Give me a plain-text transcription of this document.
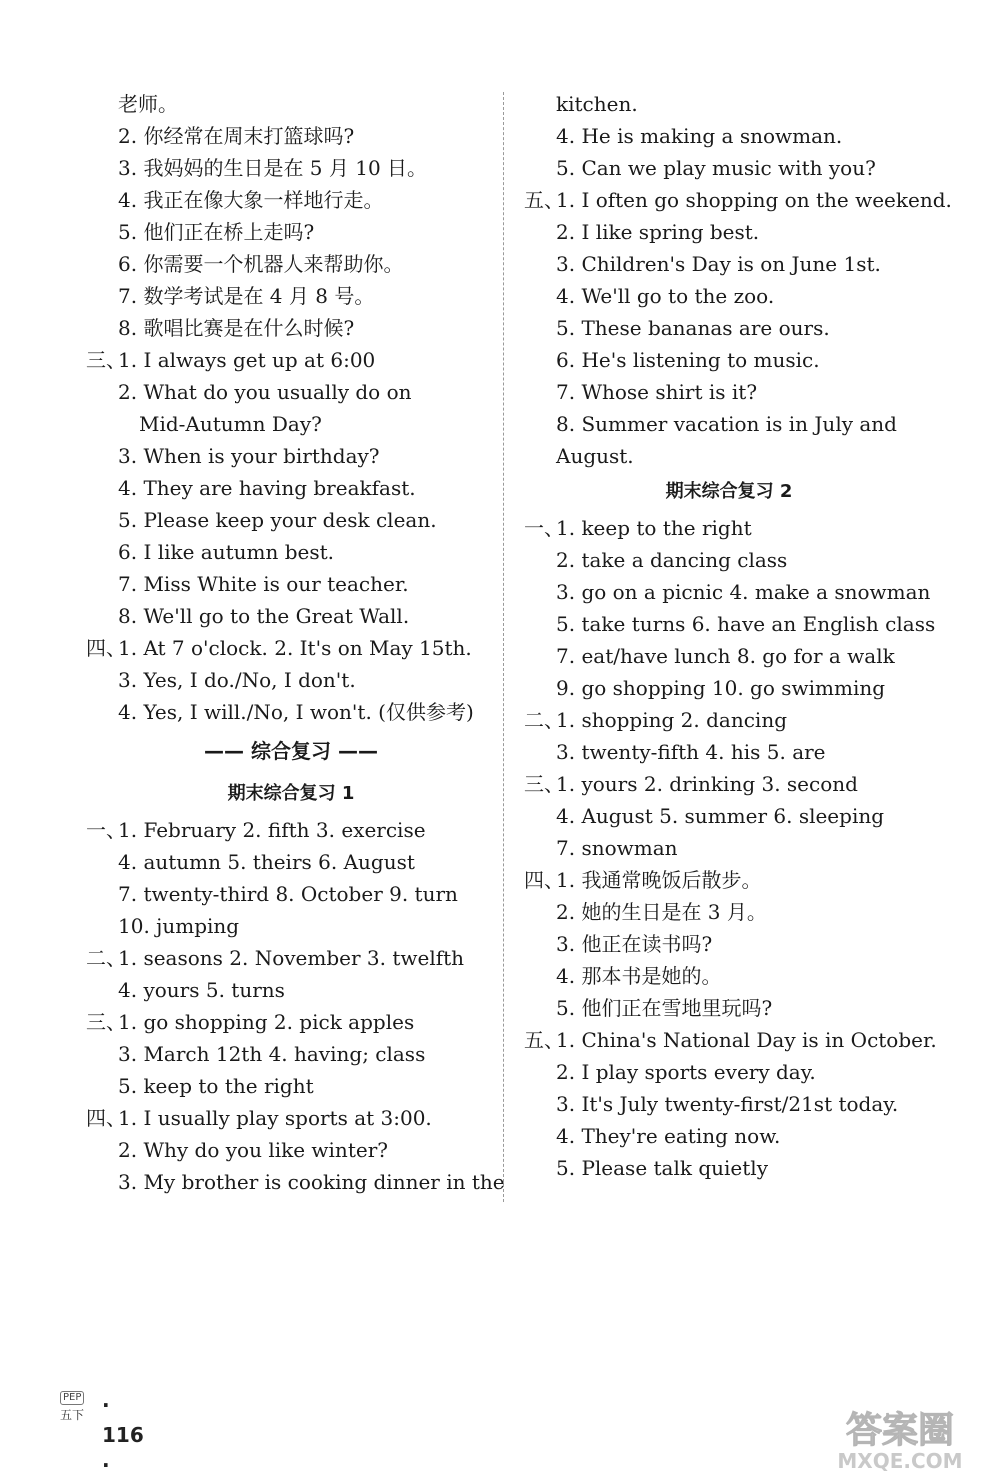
老师。
2. 你经常在周末打篮球吗?
3. 我妈妈的生日是在 5 月 10 日。
4. 我正在像大象一样地行走。
5. 他们正在桥上走吗?
6. 你需要一个机器人来帮助你。
7. 数学考试是在 4 月 8 号。
8. 歌唱比赛是在什么时候?
三、
1. I always get up at 6:00
2. What do you usually do on
Mid-Autumn Day?
3. When is your birthday?
4. They are having breakfast.
5. Please keep your desk clean.
6. I like autumn best.
7. Miss White is our teacher.
8. We'll go to the Great Wall.
四、
1. At 7 o'clock. 2. It's on May 15th.
3. Yes, I do./No, I don't.
4. Yes, I will./No, I won't. (仅供参考)
—— 综合复习 ——
期末综合复习 1
一、
1. February 2. fifth 3. exercise
4. autumn 5. theirs 6. August
7. twenty-third 8. October 9. turn
10. jumping
二、
1. seasons 2. November 3. twelfth
4. yours 5. turns
三、
1. go shopping 2. pick apples
3. March 12th 4. having; class
5. keep to the right
四、
1. I usually play sports at 3:00.
2. Why do you like winter?
3. My brother is cooking dinner in the
kitchen.
4. He is making a snowman.
5. Can we play music with you?
五、
1. I often go shopping on the weekend.
2. I like spring best.
3. Children's Day is on June 1st.
4. We'll go to the zoo.
5. These bananas are ours.
6. He's listening to music.
7. Whose shirt is it?
8. Summer vacation is in July and
August.
期末综合复习 2
一、
1. keep to the right
2. take a dancing class
3. go on a picnic 4. make a snowman
5. take turns 6. have an English class
7. eat/have lunch 8. go for a walk
9. go shopping 10. go swimming
二、
1. shopping 2. dancing
3. twenty-fifth 4. his 5. are
三、
1. yours 2. drinking 3. second
4. August 5. summer 6. sleeping
7. snowman
四、
1. 我通常晚饭后散步。
2. 她的生日是在 3 月。
3. 他正在读书吗?
4. 那本书是她的。
5. 他们正在雪地里玩吗?
五、
1. China's National Day is in October.
2. I play sports every day.
3. It's July twenty-first/21st today.
4. They're eating now.
5. Please talk quietly
PEP
五下 · 116 ·
答案圈
MXQE.COM
